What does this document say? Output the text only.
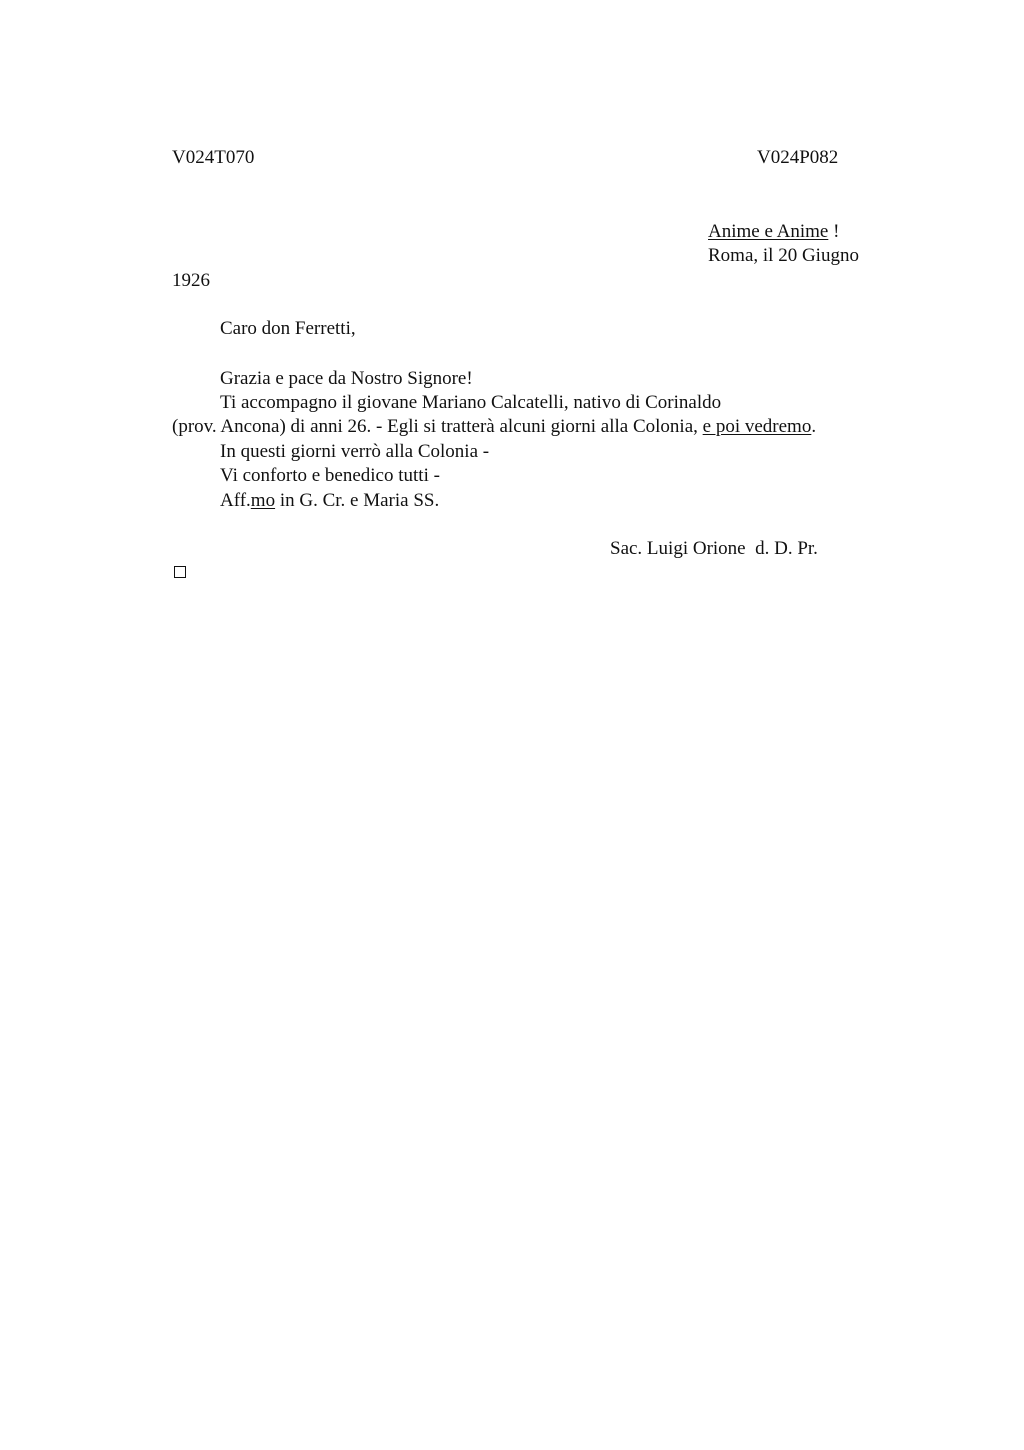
V024T070	V024P082
Anime e Anime !
Roma, il 20 Giugno
1926
Caro don Ferretti,
Grazia e pace da Nostro Signore!
Ti accompagno il giovane Mariano Calcatelli, nativo di Corinaldo
(prov. Ancona) di anni 26. - Egli si tratterà alcuni giorni alla Colonia, e poi vedremo.
In questi giorni verrò alla Colonia -
Vi conforto e benedico tutti -
Aff.mo in G. Cr. e Maria SS.
Sac. Luigi Orione  d. D. Pr.
